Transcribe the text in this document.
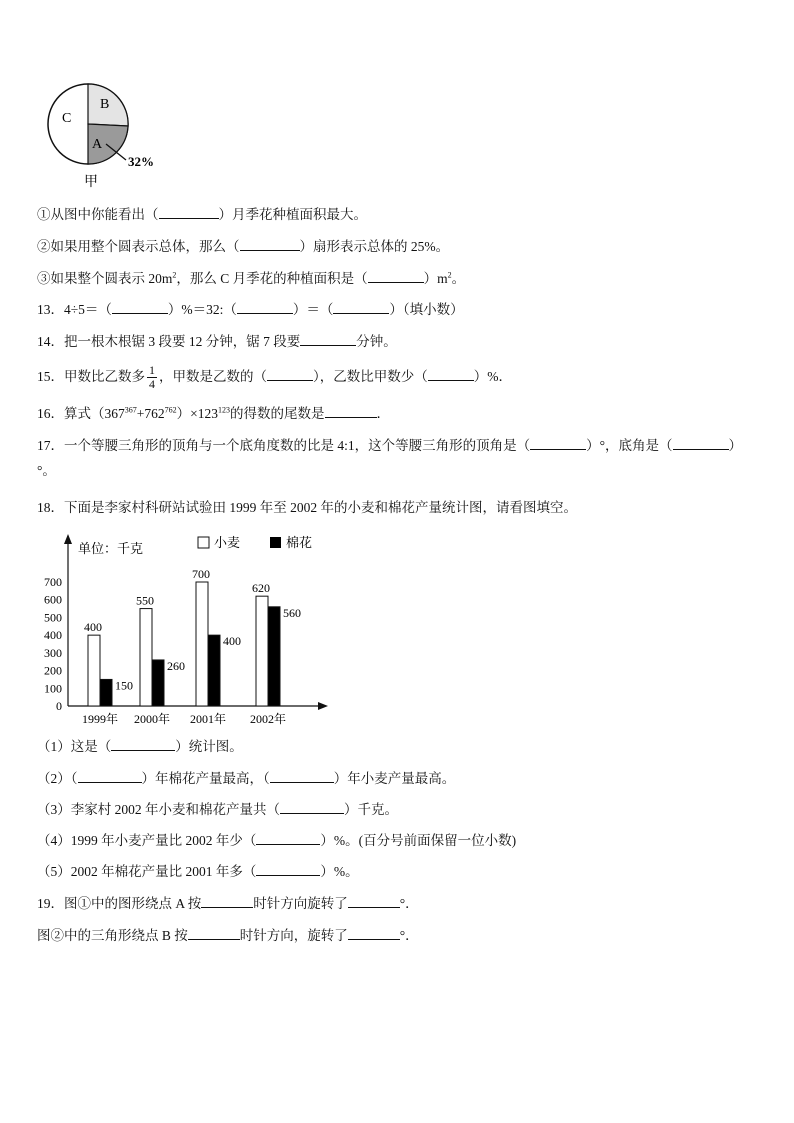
C
B
A
32%
甲
①从图中你能看出（	）月季花种植面积最大。
②如果用整个圆表示总体，那么（	）扇形表示总体的 25%。
③如果整个圆表示 $20m^2$，那么 C 月季花的种植面积是（	）$m^2$。
13．4÷5＝（	）%＝32:（	）＝（	）（填小数）
14．把一根木根锯 3 段要 12 分钟，锯 7 段要	分钟。
15．甲数比乙数多 $\frac{1}{4}$ ，甲数是乙数的（	），乙数比甲数少（	）%．
16．算式$(367^{367}+762^{762})\times 123^{123}$的得数的尾数是	．
17．一个等腰三角形的顶角与一个底角度数的比是 4:1，这个等腰三角形的顶角是（	）°，底角是（	）
°。
18．下面是李家村科研站试验田 1999 年至 2002 年的小麦和棉花产量统计图，请看图填空。
单位：千克	小麦	棉花
0
100
200
300
400
500
600
700
400
150
1999年
550
260
2000年
700
400
2001年
620
560
2002年
（1）这是（	）统计图。
（2）（	）年棉花产量最高，（	）年小麦产量最高。
（3）李家村 2002 年小麦和棉花产量共（	）千克。
（4）1999 年小麦产量比 2002 年少（	）%。(百分号前面保留一位小数)
（5）2002 年棉花产量比 2001 年多（	）%。
19．图①中的图形绕点 A 按	时针方向旋转了	°．
图②中的三角形绕点 B 按	时针方向，旋转了	°．
